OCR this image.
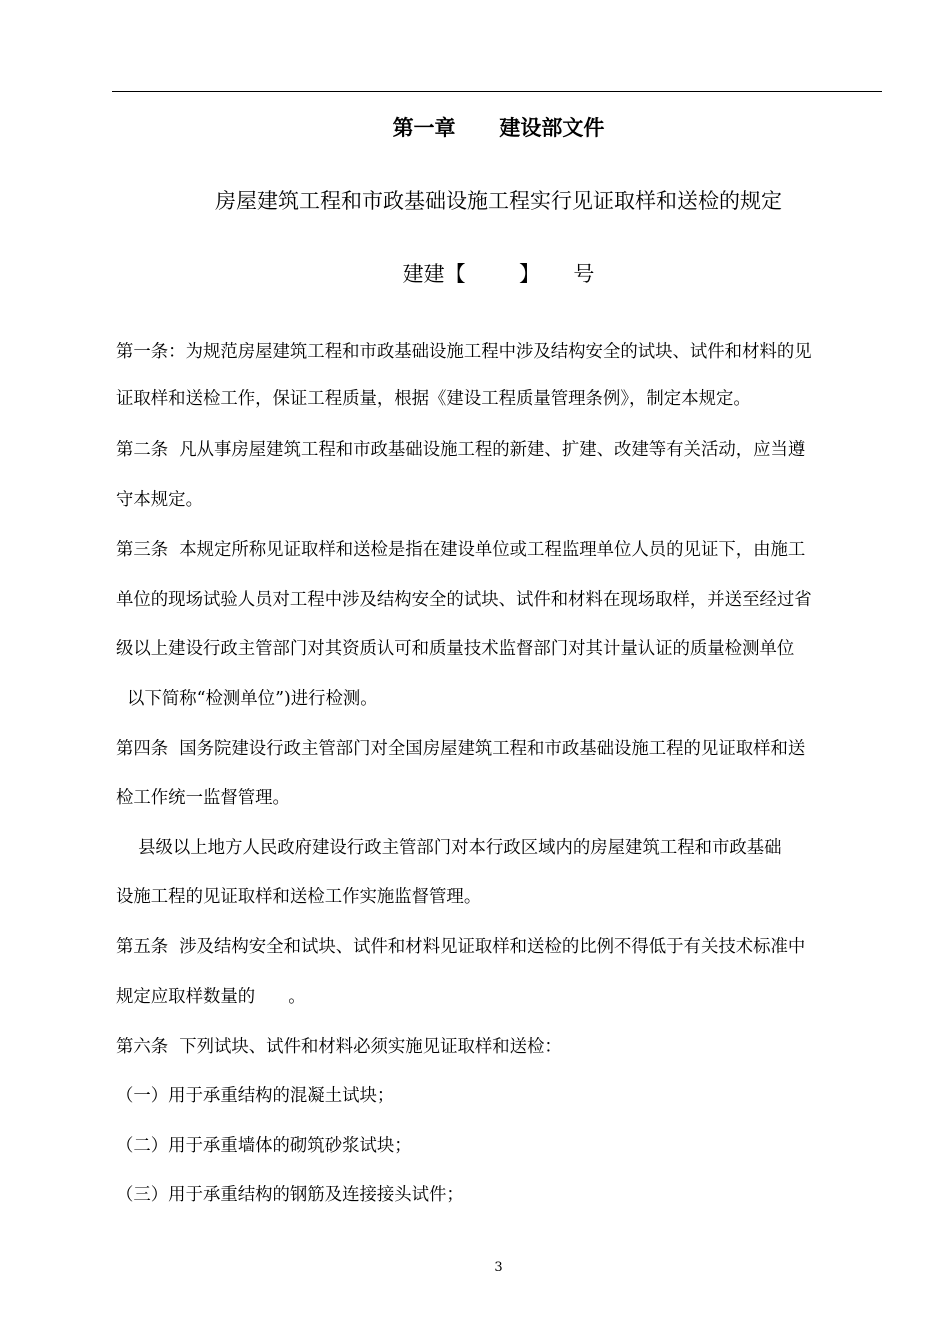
第一章      建设部文件
房屋建筑工程和市政基础设施工程实行见证取样和送检的规定
建建【        】     号
第一条：为规范房屋建筑工程和市政基础设施工程中涉及结构安全的试块、试件和材料的见
证取样和送检工作，保证工程质量，根据《建设工程质量管理条例》，制定本规定。
第二条  凡从事房屋建筑工程和市政基础设施工程的新建、扩建、改建等有关活动，应当遵
守本规定。
第三条  本规定所称见证取样和送检是指在建设单位或工程监理单位人员的见证下，由施工
单位的现场试验人员对工程中涉及结构安全的试块、试件和材料在现场取样，并送至经过省
级以上建设行政主管部门对其资质认可和质量技术监督部门对其计量认证的质量检测单位
以下简称“检测单位”)进行检测。
第四条  国务院建设行政主管部门对全国房屋建筑工程和市政基础设施工程的见证取样和送
检工作统一监督管理。
县级以上地方人民政府建设行政主管部门对本行政区域内的房屋建筑工程和市政基础
设施工程的见证取样和送检工作实施监督管理。
第五条  涉及结构安全和试块、试件和材料见证取样和送检的比例不得低于有关技术标准中
规定应取样数量的      。
第六条  下列试块、试件和材料必须实施见证取样和送检：
（一）用于承重结构的混凝土试块；
（二）用于承重墙体的砌筑砂浆试块；
（三）用于承重结构的钢筋及连接接头试件；
3
